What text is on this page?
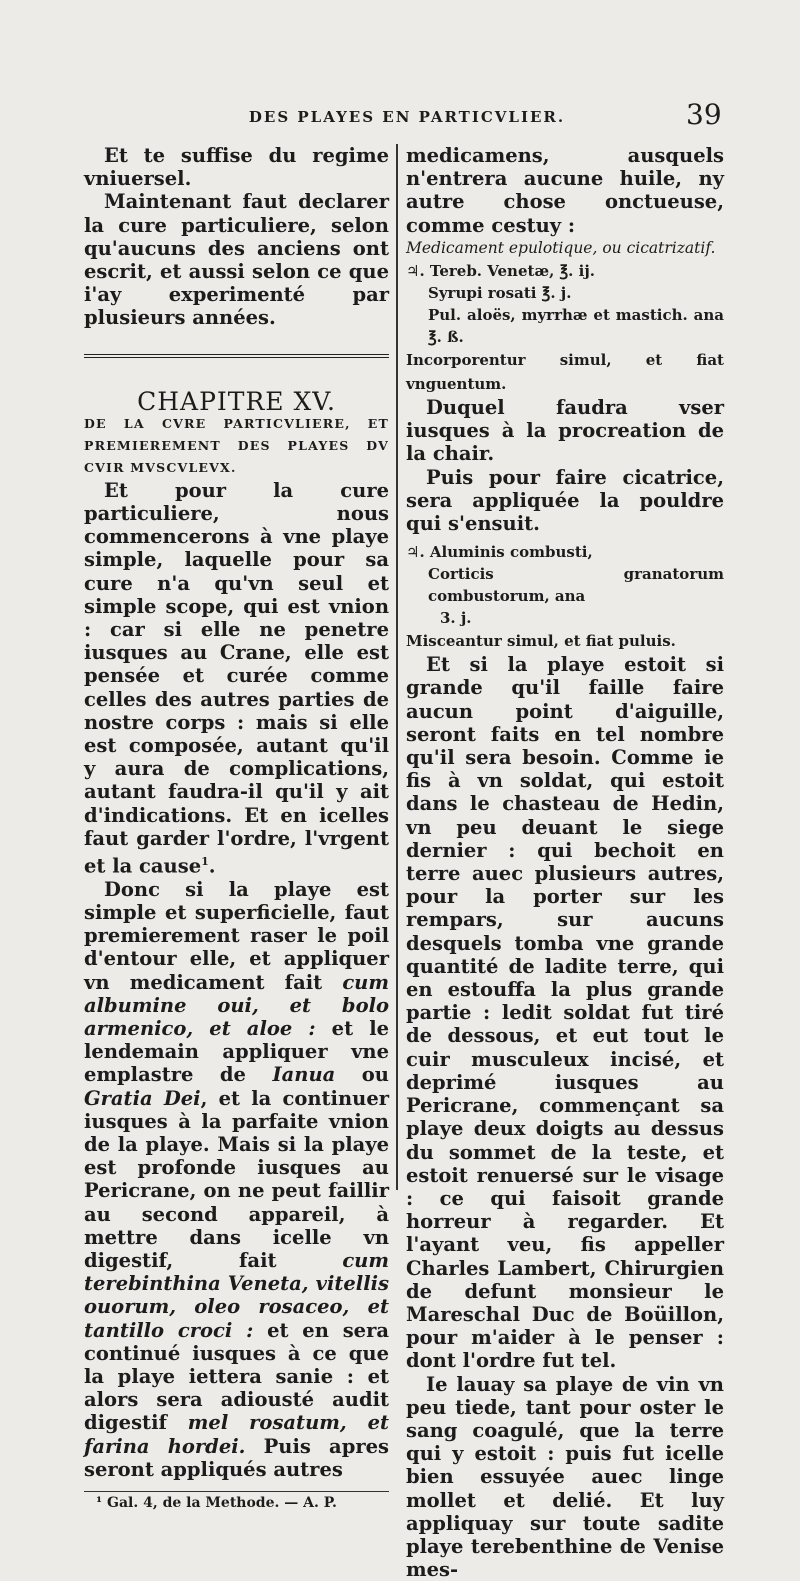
DES PLAYES EN PARTICVLIER.	39

Et te suffise du regime vniuersel.

Maintenant faut declarer la cure particuliere, selon qu'aucuns des anciens ont escrit, et aussi selon ce que i'ay experimenté par plusieurs années.

CHAPITRE XV.

DE LA CVRE PARTICVLIERE, ET PREMIEREMENT DES PLAYES DV CVIR MVSCVLEVX.

Et pour la cure particuliere, nous commencerons à vne playe simple, laquelle pour sa cure n'a qu'vn seul et simple scope, qui est vnion : car si elle ne penetre iusques au Crane, elle est pensée et curée comme celles des autres parties de nostre corps : mais si elle est composée, autant qu'il y aura de complications, autant faudra-il qu'il y ait d'indications. Et en icelles faut garder l'ordre, l'vrgent et la cause$^1$.

Donc si la playe est simple et superficielle, faut premierement raser le poil d'entour elle, et appliquer vn medicament fait cum albumine oui, et bolo armenico, et aloe : et le lendemain appliquer vne emplastre de Ianua ou Gratia Dei, et la continuer iusques à la parfaite vnion de la playe. Mais si la playe est profonde iusques au Pericrane, on ne peut faillir au second appareil, à mettre dans icelle vn digestif, fait cum terebinthina Veneta, vitellis ouorum, oleo rosaceo, et tantillo croci : et en sera continué iusques à ce que la playe iettera sanie : et alors sera adiousté audit digestif mel rosatum, et farina hordei. Puis apres seront appliqués autres

¹ Gal. 4, de la Methode. — A. P.

medicamens, ausquels n'entrera aucune huile, ny autre chose onctueuse, comme cestuy :

Medicament epulotique, ou cicatrizatif.

♃. Tereb. Venetæ, ℥. ij.
Syrupi rosati ℥. j.
Pul. aloës, myrrhæ et mastich. ana ℥. ß.

Incorporentur simul, et fiat vnguentum.

Duquel faudra vser iusques à la procreation de la chair.

Puis pour faire cicatrice, sera appliquée la pouldre qui s'ensuit.

♃. Aluminis combusti,
Corticis granatorum combustorum, ana
3. j.

Misceantur simul, et fiat puluis.

Et si la playe estoit si grande qu'il faille faire aucun point d'aiguille, seront faits en tel nombre qu'il sera besoin. Comme ie fis à vn soldat, qui estoit dans le chasteau de Hedin, vn peu deuant le siege dernier : qui bechoit en terre auec plusieurs autres, pour la porter sur les rempars, sur aucuns desquels tomba vne grande quantité de ladite terre, qui en estouffa la plus grande partie : ledit soldat fut tiré de dessous, et eut tout le cuir musculeux incisé, et deprimé iusques au Pericrane, commençant sa playe deux doigts au dessus du sommet de la teste, et estoit renuersé sur le visage : ce qui faisoit grande horreur à regarder. Et l'ayant veu, fis appeller Charles Lambert, Chirurgien de defunt monsieur le Mareschal Duc de Boüillon, pour m'aider à le penser : dont l'ordre fut tel.

Ie lauay sa playe de vin vn peu tiede, tant pour oster le sang coagulé, que la terre qui y estoit : puis fut icelle bien essuyée auec linge mollet et delié. Et luy appliquay sur toute sadite playe terebenthine de Venise mes-
